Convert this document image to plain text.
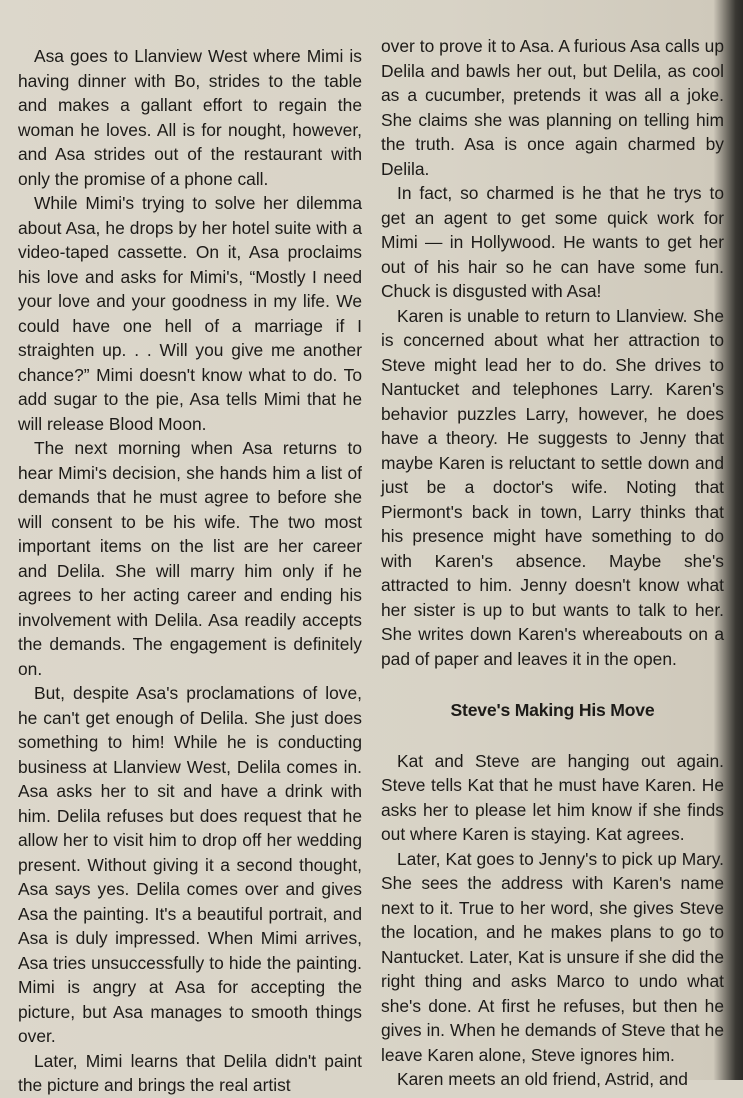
Asa goes to Llanview West where Mimi is having dinner with Bo, strides to the table and makes a gallant effort to regain the woman he loves. All is for nought, however, and Asa strides out of the restaurant with only the promise of a phone call.

While Mimi's trying to solve her dilemma about Asa, he drops by her hotel suite with a video-taped cassette. On it, Asa proclaims his love and asks for Mimi's, “Mostly I need your love and your goodness in my life. We could have one hell of a marriage if I straighten up. . . Will you give me another chance?” Mimi doesn't know what to do. To add sugar to the pie, Asa tells Mimi that he will release Blood Moon.

The next morning when Asa returns to hear Mimi's decision, she hands him a list of demands that he must agree to before she will consent to be his wife. The two most important items on the list are her career and Delila. She will marry him only if he agrees to her acting career and ending his involvement with Delila. Asa readily accepts the demands. The engagement is definitely on.

But, despite Asa's proclamations of love, he can't get enough of Delila. She just does something to him! While he is conducting business at Llanview West, Delila comes in. Asa asks her to sit and have a drink with him. Delila refuses but does request that he allow her to visit him to drop off her wedding present. Without giving it a second thought, Asa says yes. Delila comes over and gives Asa the painting. It's a beautiful portrait, and Asa is duly impressed. When Mimi arrives, Asa tries unsuccessfully to hide the painting. Mimi is angry at Asa for accepting the picture, but Asa manages to smooth things over.

Later, Mimi learns that Delila didn't paint the picture and brings the real artist

over to prove it to Asa. A furious Asa calls up Delila and bawls her out, but Delila, as cool as a cucumber, pretends it was all a joke. She claims she was planning on telling him the truth. Asa is once again charmed by Delila.

In fact, so charmed is he that he trys to get an agent to get some quick work for Mimi — in Hollywood. He wants to get her out of his hair so he can have some fun. Chuck is disgusted with Asa!

Karen is unable to return to Llanview. She is concerned about what her attraction to Steve might lead her to do. She drives to Nantucket and telephones Larry. Karen's behavior puzzles Larry, however, he does have a theory. He suggests to Jenny that maybe Karen is reluctant to settle down and just be a doctor's wife. Noting that Piermont's back in town, Larry thinks that his presence might have something to do with Karen's absence. Maybe she's attracted to him. Jenny doesn't know what her sister is up to but wants to talk to her. She writes down Karen's whereabouts on a pad of paper and leaves it in the open.

Steve's Making His Move

Kat and Steve are hanging out again. Steve tells Kat that he must have Karen. He asks her to please let him know if she finds out where Karen is staying. Kat agrees.

Later, Kat goes to Jenny's to pick up Mary. She sees the address with Karen's name next to it. True to her word, she gives Steve the location, and he makes plans to go to Nantucket. Later, Kat is unsure if she did the right thing and asks Marco to undo what she's done. At first he refuses, but then he gives in. When he demands of Steve that he leave Karen alone, Steve ignores him.

Karen meets an old friend, Astrid, and
